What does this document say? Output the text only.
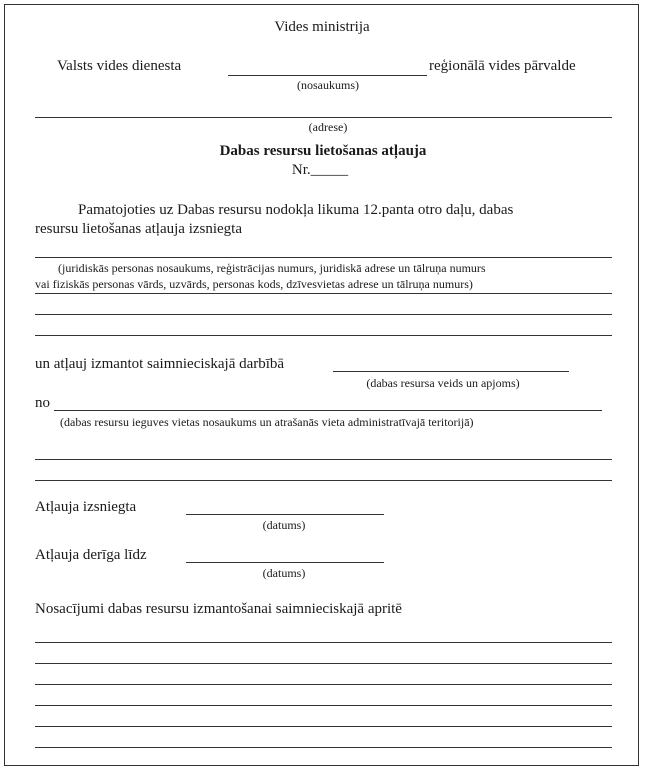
Vides ministrija
Valsts vides dienesta	reģionālā vides pārvalde
(nosaukums)
(adrese)
Dabas resursu lietošanas atļauja
Nr._____
Pamatojoties uz Dabas resursu nodokļa likuma 12.panta otro daļu, dabas
resursu lietošanas atļauja izsniegta
(juridiskās personas nosaukums, reģistrācijas numurs, juridiskā adrese un tālruņa numurs
vai fiziskās personas vārds, uzvārds, personas kods, dzīvesvietas adrese un tālruņa numurs)
un atļauj izmantot saimnieciskajā darbībā
(dabas resursa veids un apjoms)
no
(dabas resursu ieguves vietas nosaukums un atrašanās vieta administratīvajā teritorijā)
Atļauja izsniegta
(datums)
Atļauja derīga līdz
(datums)
Nosacījumi dabas resursu izmantošanai saimnieciskajā apritē
